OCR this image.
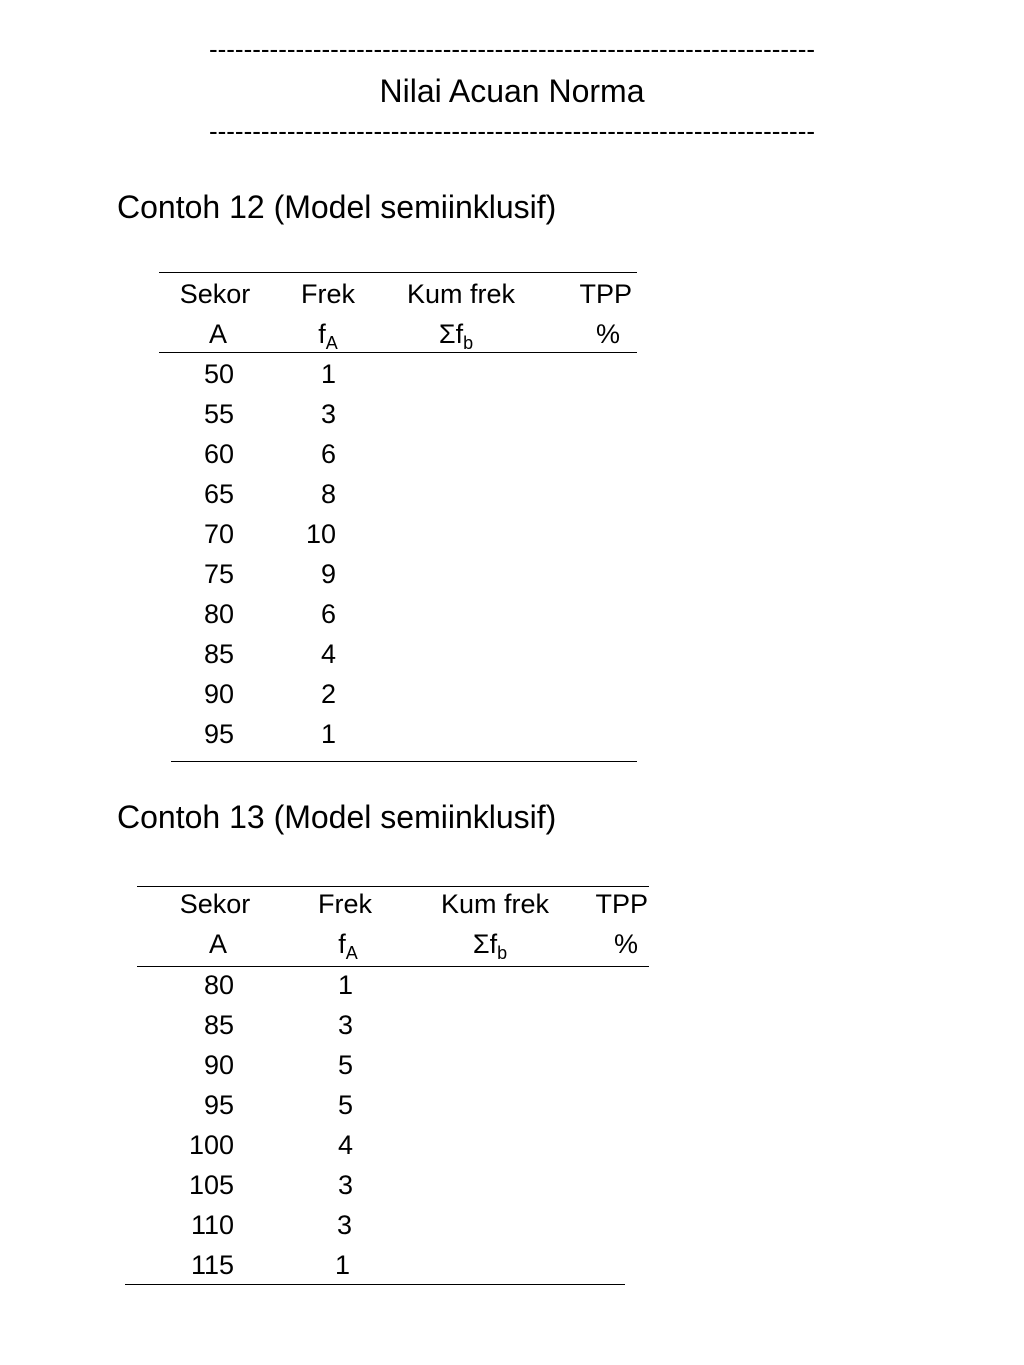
----------------------------------------------------------------------
Nilai Acuan Norma
----------------------------------------------------------------------
Contoh 12 (Model semiinklusif)
Sekor	Frek	Kum frek	TPP
A	$f_A$	$\Sigma f_b$	%
50	1
55	3
60	6
65	8
70	10
75	9
80	6
85	4
90	2
95	1
Contoh 13 (Model semiinklusif)
Sekor	Frek	Kum frek	TPP
A	$f_A$	$\Sigma f_b$	%
80	1
85	3
90	5
95	5
100	4
105	3
110	3
115	1
